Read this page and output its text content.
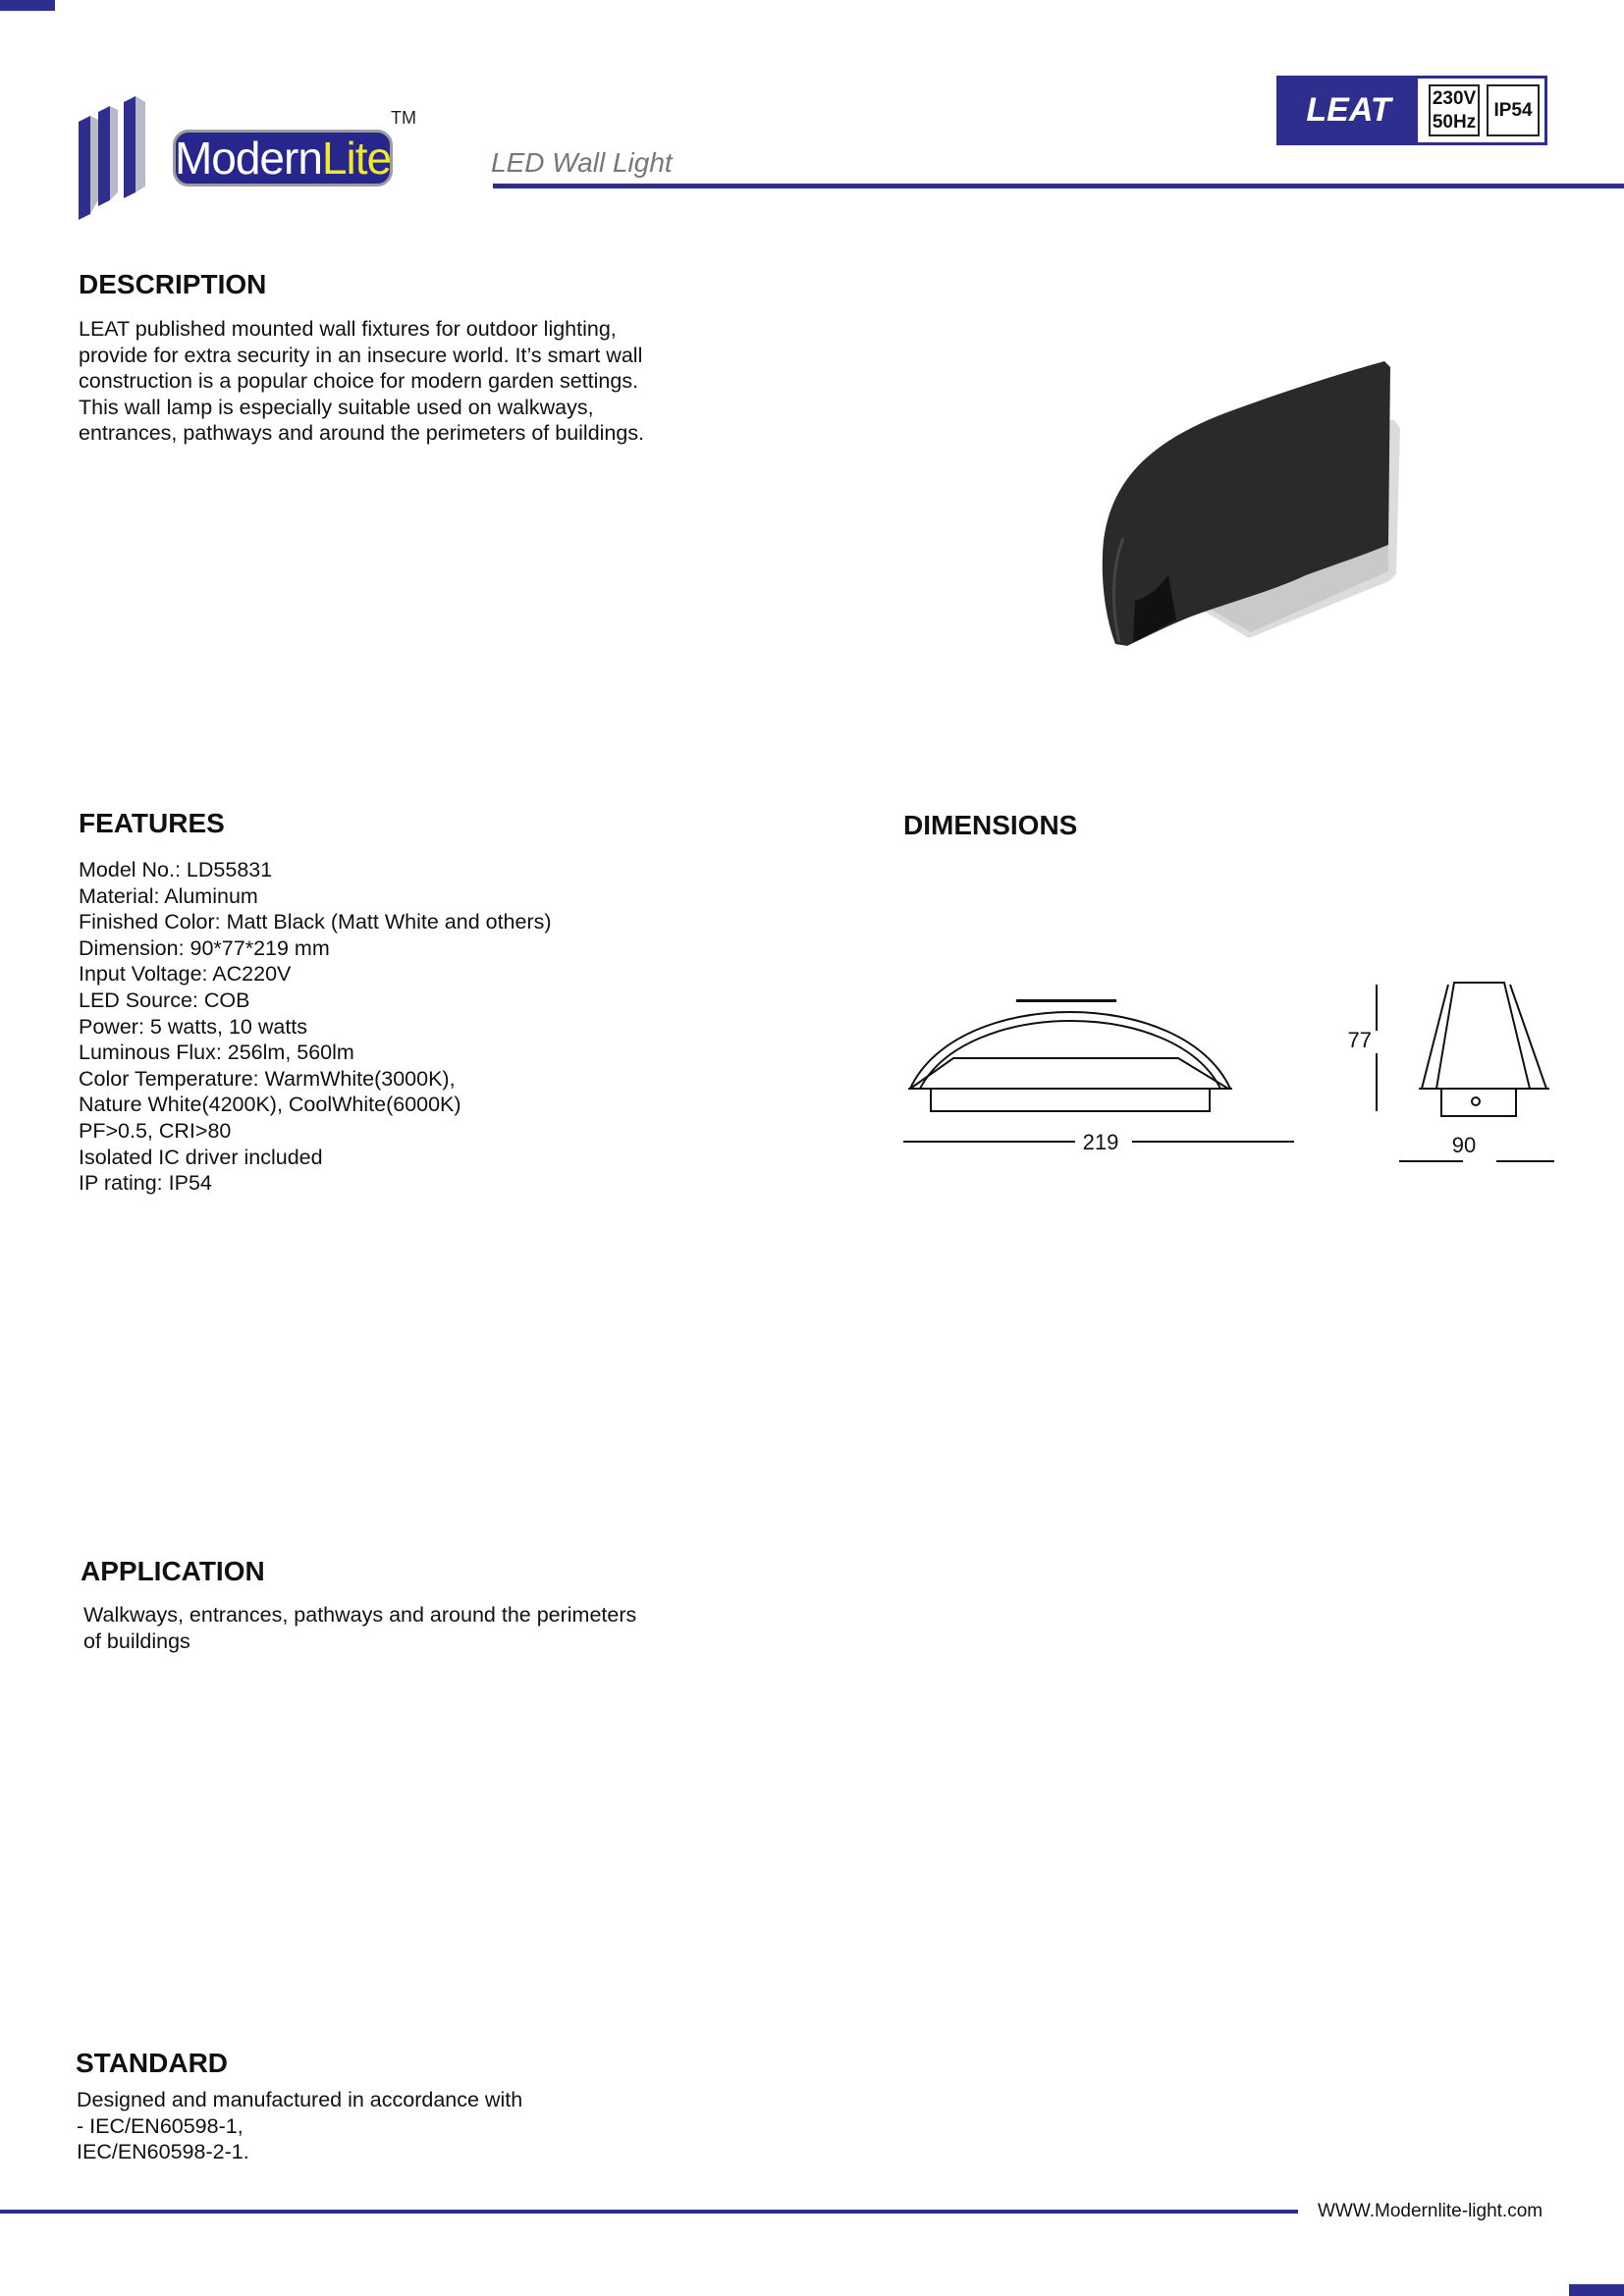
Modern Lite
TM
LED Wall Light
LEAT	230V
50Hz
IP54
DESCRIPTION
LEAT published mounted wall fixtures for outdoor lighting,
provide for extra security in an insecure world. It’s smart wall
construction is a popular choice for modern garden settings.
This wall lamp is especially suitable used on walkways,
entrances, pathways and around the perimeters of buildings.
FEATURES
Model No.: LD55831
Material: Aluminum
Finished Color: Matt Black (Matt White and others)
Dimension: 90*77*219 mm
Input Voltage: AC220V
LED Source: COB
Power: 5 watts, 10 watts
Luminous Flux: 256lm, 560lm
Color Temperature: WarmWhite(3000K),
Nature White(4200K), CoolWhite(6000K)
PF>0.5, CRI>80
Isolated IC driver included
IP rating: IP54
DIMENSIONS
219
77
90
APPLICATION
Walkways, entrances, pathways and around the perimeters
of buildings
STANDARD
Designed and manufactured in accordance with
- IEC/EN60598-1,
IEC/EN60598-2-1.
WWW.Modernlite-light.com
